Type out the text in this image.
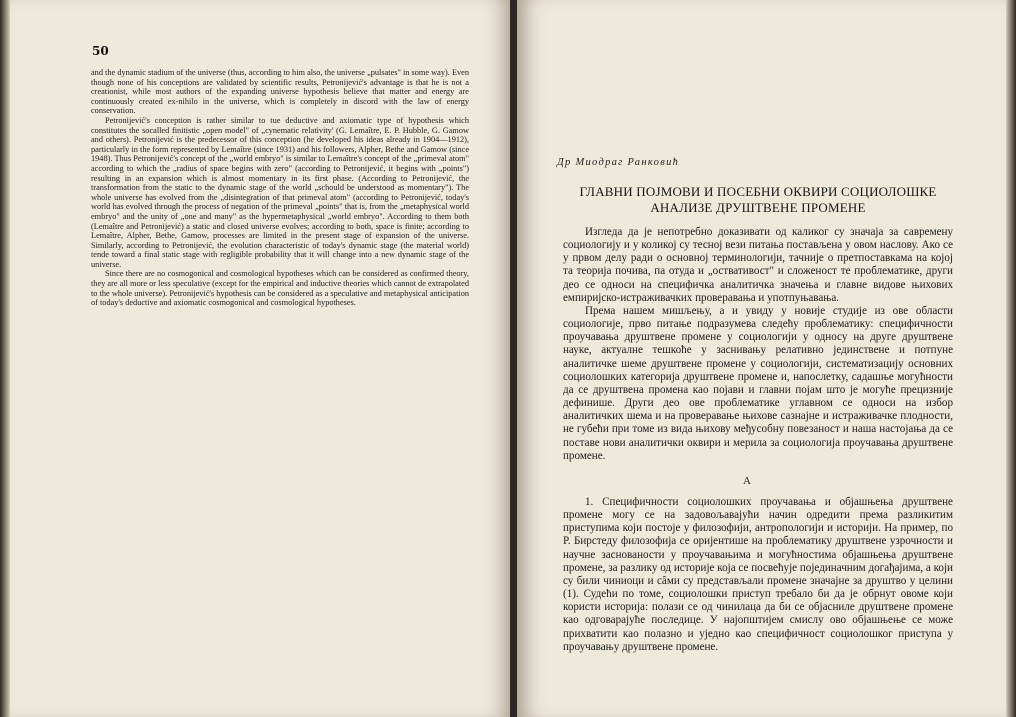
50

and the dynamic stadium of the universe (thus, according to him also, the universe „pulsates" in some way). Even though none of his conceptions are validated by scientific results, Petronijević's advantage is that he is not a creationist, while most authors of the expanding universe hypothesis believe that matter and energy are continuously created ex-nihilo in the universe, which is completely in discord with the law of energy conservation.

Petronijević's conception is rather similar to tue deductive and axiomatic type of hypothesis which constitutes the socalled finitistic „open model" of „cynematic relativity' (G. Lemaître, E. P. Hubble, G. Gamow and others). Petronijević is the predecessor of this conception (he developed his ideas already in 1904—1912), particularly in the form represented by Lemaître (since 1931) and his followers, Alpher, Bethe and Gamow (since 1948). Thus Petronijević's concept of the „world embryo" is similar to Lemaître's concept of the „primeval atom" according to which the „radius of space begins with zero" (according to Petronijević, it begins with „points") resulting in an expansion which is almost momentary in its first phase. (According to Petronijević, the transformation from the static to the dynamic stage of the world „schould be understood as momentary"). The whole universe has evolved from the „disintegration of that primeval atom" (according to Petronijević, today's world has evolved through the process of negation of the primeval „points" that is, from the „metaphysical world embryo" and the unity of „one and many" as the hypermetaphysical „world embryo". According to them both (Lemaître and Petronijević) a static and closed universe evolves; according to both, space is finite; according to Lemaître, Alpher, Bethe, Gamow, processes are limited in the present stage of expansion of the universe. Similarly, according to Petronijević, the evolution characteristic of today's dynamic stage (the material world) tende toward a final static stage with regligible probability that it will change into a new dynamic stage of the universe.

Since there are no cosmogonical and cosmological hypotheses which can be considered as confirmed theory, they are all more or less speculative (except for the empirical and inductive theories which cannot de extrapolated to the whole universe). Petronijević's hypothesis can be considered as a speculative and metaphysical anticipation of today's deductive and axiomatic cosmogonical and cosmological hypotheses.

Др Миодраг Ранковић
ГЛАВНИ ПОЈМОВИ И ПОСЕБНИ ОКВИРИ СОЦИОЛОШКЕ АНАЛИЗЕ ДРУШТВЕНЕ ПРОМЕНЕ

Изгледа да је непотребно доказивати од каликог су значаја за савремену социологију и у коликој су тесној вези питања постављена у овом наслову. Ако се у првом делу ради о основној терминологији, тачније о претпоставкама на којој та теорија почива, па отуда и „оствативост" и сложеност те проблематике, други део се односи на специфичка аналитичка значења и главне видове њихових емпиријско-истраживачких проверавања и употпуњавања.

Према нашем мишљењу, а и увиду у новије студије из ове области социологије, прво питање подразумева следећу проблематику: специфичности проучавања друштвене промене у социологији у односу на друге друштвене науке, актуалне тешкоће у заснивању релативно јединствене и потпуне аналитичке шеме друштвене промене у социологији, систематизацију основних социолошких категорија друштвене промене и, напослетку, садашње могућности да се друштвена промена као појави и главни појам што је могуће прецизније дефинише. Други део ове проблематике углавном се односи на избор аналитичких шема и на проверавање њихове сазнајне и истраживачке плодности, не губећи при томе из вида њихову међусобну повезаност и наша настојања да се поставе нови аналитички оквири и мерила за социологија проучавања друштвене промене.

А

1. Специфичности социолошких проучавања и објашњења друштвене промене могу се на задовољавајући начин одредити према разликитим приступима који постоје у филозофији, антропологији и историји. На пример, по Р. Бирстеду филозофија се оријентише на проблематику друштвене узрочности и научне заснованости у проучавањима и могућностима објашњења друштвене промене, за разлику од историје која се посвећује појединачним догађајима, а који су били чиниоци и сâми су представљали промене значајне за друштво у целини (1). Судећи по томе, социолошки приступ требало би да је обрнут овоме који користи историја: полази се од чинилаца да би се објасниле друштвене промене као одговарајуће последице. У најопштијем смислу ово објашњење се може прихватити као полазно и уједно као специфичност социолошког приступа у проучавању друштвене промене.
